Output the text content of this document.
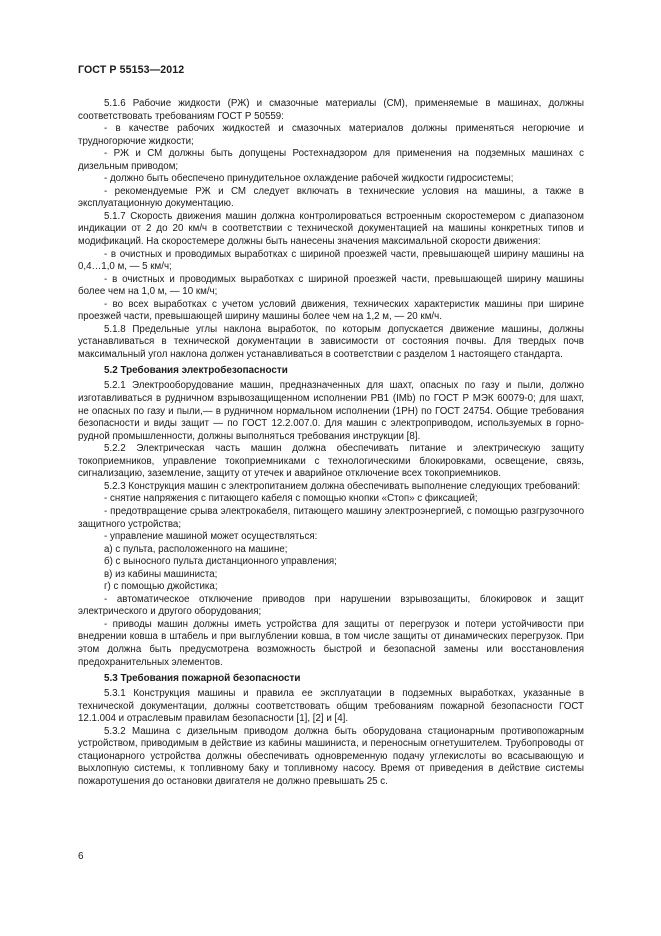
ГОСТ Р 55153—2012

5.1.6 Рабочие жидкости (РЖ) и смазочные материалы (СМ), применяемые в машинах, должны соответствовать требованиям ГОСТ Р 50559:

- в качестве рабочих жидкостей и смазочных материалов должны применяться негорючие и трудногорючие жидкости;

- РЖ и СМ должны быть допущены Ростехнадзором для применения на подземных машинах с дизельным приводом;

- должно быть обеспечено принудительное охлаждение рабочей жидкости гидросистемы;

- рекомендуемые РЖ и СМ следует включать в технические условия на машины, а также в эксплуатационную документацию.

5.1.7 Скорость движения машин должна контролироваться встроенным скоростемером с диапазоном индикации от 2 до 20 км/ч в соответствии с технической документацией на машины конкретных типов и модификаций. На скоростемере должны быть нанесены значения максимальной скорости движения:

- в очистных и проводимых выработках с шириной проезжей части, превышающей ширину машины на 0,4…1,0 м, — 5 км/ч;

- в очистных и проводимых выработках с шириной проезжей части, превышающей ширину машины более чем на 1,0 м, — 10 км/ч;

- во всех выработках с учетом условий движения, технических характеристик машины при ширине проезжей части, превышающей ширину машины более чем на 1,2 м, — 20 км/ч.

5.1.8 Предельные углы наклона выработок, по которым допускается движение машины, должны устанавливаться в технической документации в зависимости от состояния почвы. Для твердых почв максимальный угол наклона должен устанавливаться в соответствии с разделом 1 настоящего стандарта.

5.2 Требования электробезопасности

5.2.1 Электрооборудование машин, предназначенных для шахт, опасных по газу и пыли, должно изготавливаться в рудничном взрывозащищенном исполнении РВ1 (IMb) по ГОСТ Р МЭК 60079-0; для шахт, не опасных по газу и пыли,— в рудничном нормальном исполнении (1РН) по ГОСТ 24754. Общие требования безопасности и виды защит — по ГОСТ 12.2.007.0. Для машин с электроприводом, используемых в горно-рудной промышленности, должны выполняться требования инструкции [8].

5.2.2 Электрическая часть машин должна обеспечивать питание и электрическую защиту токоприемников, управление токоприемниками с технологическими блокировками, освещение, связь, сигнализацию, заземление, защиту от утечек и аварийное отключение всех токоприемников.

5.2.3 Конструкция машин с электропитанием должна обеспечивать выполнение следующих требований:

- снятие напряжения с питающего кабеля с помощью кнопки «Стоп» с фиксацией;

- предотвращение срыва электрокабеля, питающего машину электроэнергией, с помощью разгрузочного защитного устройства;

- управление машиной может осуществляться:

а) с пульта, расположенного на машине;

б) с выносного пульта дистанционного управления;

в) из кабины машиниста;

г) с помощью джойстика;

- автоматическое отключение приводов при нарушении взрывозащиты, блокировок и защит электрического и другого оборудования;

- приводы машин должны иметь устройства для защиты от перегрузок и потери устойчивости при внедрении ковша в штабель и при выглублении ковша, в том числе защиты от динамических перегрузок. При этом должна быть предусмотрена возможность быстрой и безопасной замены или восстановления предохранительных элементов.

5.3 Требования пожарной безопасности

5.3.1 Конструкция машины и правила ее эксплуатации в подземных выработках, указанные в технической документации, должны соответствовать общим требованиям пожарной безопасности ГОСТ 12.1.004 и отраслевым правилам безопасности [1], [2] и [4].

5.3.2 Машина с дизельным приводом должна быть оборудована стационарным противопожарным устройством, приводимым в действие из кабины машиниста, и переносным огнетушителем. Трубопроводы от стационарного устройства должны обеспечивать одновременную подачу углекислоты во всасывающую и выхлопную системы, к топливному баку и топливному насосу. Время от приведения в действие системы пожаротушения до остановки двигателя не должно превышать 25 с.

6
